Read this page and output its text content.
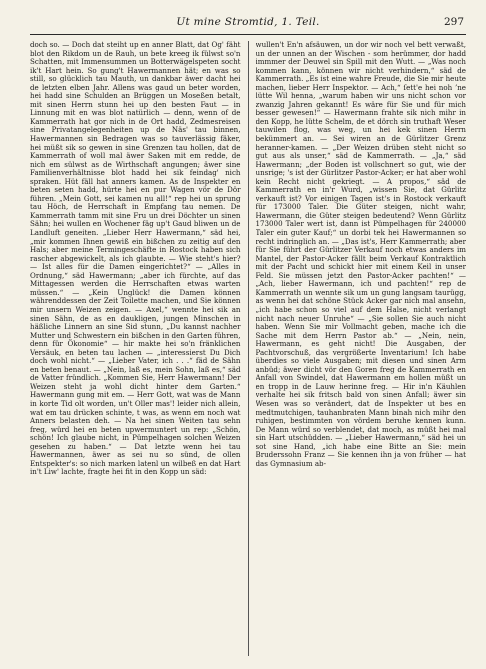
Ut mine Stromtid, 1. Teil.	297

doch so. — Doch dat steiht up en anner Blatt, dat Og' fäht blot den Rikdom un de Rauh, un bete kreeg ik fülwst so'n Schatten, mit Immensummen un Botterwägelspeten socht ik't Hart hein. So gung't Hawermannen hät; en was so still, so glücklich tau Mauth, un dankbar äwer dacht hei de letzten elben Jahr. Allens was gaud un beter worden, hei hadd sine Schulden an Brüggen un Moseßen betalt, mit sinen Herrn stunn hei up den besten Faut — in Linnung mit en was blot natürlich — denn, wenn of de Kammerrath hat gor nich in de Ort hadd, Zedmesreisen sine Privatangelegenheiten up de Näs' tau binnen, Hawermannen sin Bedragen was so tauverlässig fäker, hei müßt sik so gewen in sine Grenzen tau hollen, dat de Kammerrath of woll mal äwer Saken mit em redde, de nich em sülwst as de Wirthschaft angungen; äwer sine Familienverhältnisse blot hadd hei sik feindag' nich spraken. Hüt fäll hat anners kamen. As de Inspekter en beten seten hadd, hürte hei en pur Wagen vör de Dör führen. „Mein Gott, sei kamen nu all!“ rep hei un sprung tau Höch, de Herrschaft in Empfang tau nemen. De Kammerrath tamm mit sine Fru un drei Döchter un sinen Sähn; hei wullen en Wochener fäg up't Gaud bliwen un de Landluft geneiten. „Lieber Herr Hawermann,“ säd hei, „mir kommen Ihnen gewiß ein bißchen zu zeitig auf den Hals; aber meine Termingeschäfte in Rostock haben sich rascher abgewickelt, als ich glaubte. — Wie steht's hier? — Ist alles für die Damen eingerichtet?“ — „Alles in Ordnung,“ säd Hawermann; „aber ich fürchte, auf das Mittagessen werden die Herrschaften etwas warten müssen.“ — „Kein Unglück! die Damen können währenddessen der Zeit Toilette machen, und Sie können mir unsern Weizen zeigen. — Axel,“ wennte hei sik an sinen Sähn, de as en daukligen, jungen Minschen in häßliche Linnern an sine Sid stunn, „Du kannst nachher Mutter und Schwestern ein bißchen in den Garten führen, denn für Ökonomie“ — hir makte hei so'n fränklichen Versäuk, en beten tau lachen — „interessierst Du Dich doch wohl nicht.“ — „Lieber Vater, ich . . .“ fäd de Sähn en beten benaut. — „Nein, laß es, mein Sohn, laß es,“ säd de Vatter fründlich. „Kommen Sie, Herr Hawermann! Der Weizen steht ja wohl dicht hinter dem Garten.“ Hawermann gung mit em. — Herr Gott, wat was de Mann in korte Tid olt worden, un't Oller mas'! leider nich allein, wat em tau drücken schinte, t was, as wenn em noch wat Anners belasten deh. — Na hei sinen Weiten tau sehn freg, würd hei en beten upwermuntert un rep: „Schön, schön! Ich glaube nicht, in Pümpelhagen solchen Weizen gesehen zu haben.“ — Dat letzte wenn hei tau Hawermannen, äwer as sei nu so sünd, de ollen Entspekter's: so nich marken latenl un wilbeß en dat Hart in't Liw' lachte, fragte hei fit in den Kopp un säd:

wullen't En'n afsäuwen, un dor wir noch vel bett verwaßt, un der unnen an der Wischen - som herümmer, dor hadd immmer der Deuwel sin Spill mit den Wutt. — „Was noch kommen kann, können wir nicht verhindern,“ säd de Kammerrath. „Es ist eine wahre Freude, die Sie mir heute machen, lieber Herr Inspektor. — Ach,“ ſett'e hei noh ’ne lütte Wil henna, „warum haben wir uns nicht schon vor zwanzig Jahren gekannt! Es wäre für Sie und für mich besser gewesen!“ — Hawermann frahte sik nich mihr in den Kopp, he lütte Schelm, de et dörch sin truthaft Weser tauwilen flog, was weg, un hei kek sinen Herrn bekümmert an. — Sei wiren an de Gürlitzer Grenz heranner-kamen. — „Der Weizen drüben steht nicht so gut aus als unser,“ säd de Kammerrath. — „Ja,“ säd Hawermann; „der Boden ist vollschnert so gut, wie der unsrige; 's ist der Gürlitzer Pastor-Acker; er hat aber wohl kein Recht nicht gekriegt. — A propos,“ säd de Kammerrath en in'r Wurd, „wissen Sie, dat Gürlitz verkauft ist? Vor einigen Tagen ist's in Rostock verkauft für 173000 Taler. Die Güter steigen, nicht wahr, Hawermann, die Güter steigen bedeutend? Wenn Gürlitz 173000 Taler wert ist, dann ist Pümpelhagen für 240000 Taler ein guter Kauf;“ un dorbi tek hei Hawermannen so recht indringlich an. — „Das ist's, Herr Kammerrath; aber für Sie führt der Gürlitzer Verkauf noch etwas anders im Mantel, der Pastor-Acker fällt beim Verkauf Kontraktlich mit der Pacht und schickt hier mit einem Keil in unser Feld. Sie müssen jetzt den Pastor-Acker pachten!“ — „Ach, lieber Hawermann, ich und pachten!“ rep de Kammerrath un wennte sik um un gung langsam taurügg, as wenn hei dat schöne Stück Acker gar nich mal ansehn, „ich habe schon so viel auf dem Halse, nicht verlangt nicht nach neuer Unruhe“ — „Sie sollen Sie auch nicht haben. Wenn Sie mir Vollmacht geben, mache ich die Sache mit dem Herrn Pastor ab.“ — „Nein, nein, Hawermann, es geht nicht! Die Ausgaben, der Pachtvorschuß, das vergrößerte Inventarium! Ich habe überdies so viele Ausgaben; mit diesen und sinen Arm anbüd; äwer dicht vör den Goren freg de Kammerrath en Anfall von Swindel, dat Hawermann em hollen müßt un en tropp in de Lauw herinne freg. — Hir in'n Käuhlen verhalte hei sik fritsch bald von sinen Anfall; äwer sin Wesen was so verändert, dat de Inspekter ut bes en medtmutchigen, tauhanbraten Mann binah nich mihr den ruhigen, bestimmten von vördem beruhe kennen kunn. De Mann würd so verblendet, dat moch, as müßt hei mal sin Hart utschüdden. — „Lieber Hawermann,“ säd hei un sot sine Hand, „ich habe eine Bitte an Sie: mein Bruderssohn Franz — Sie kennen ihn ja von früher — hat das Gymnasium ab-
